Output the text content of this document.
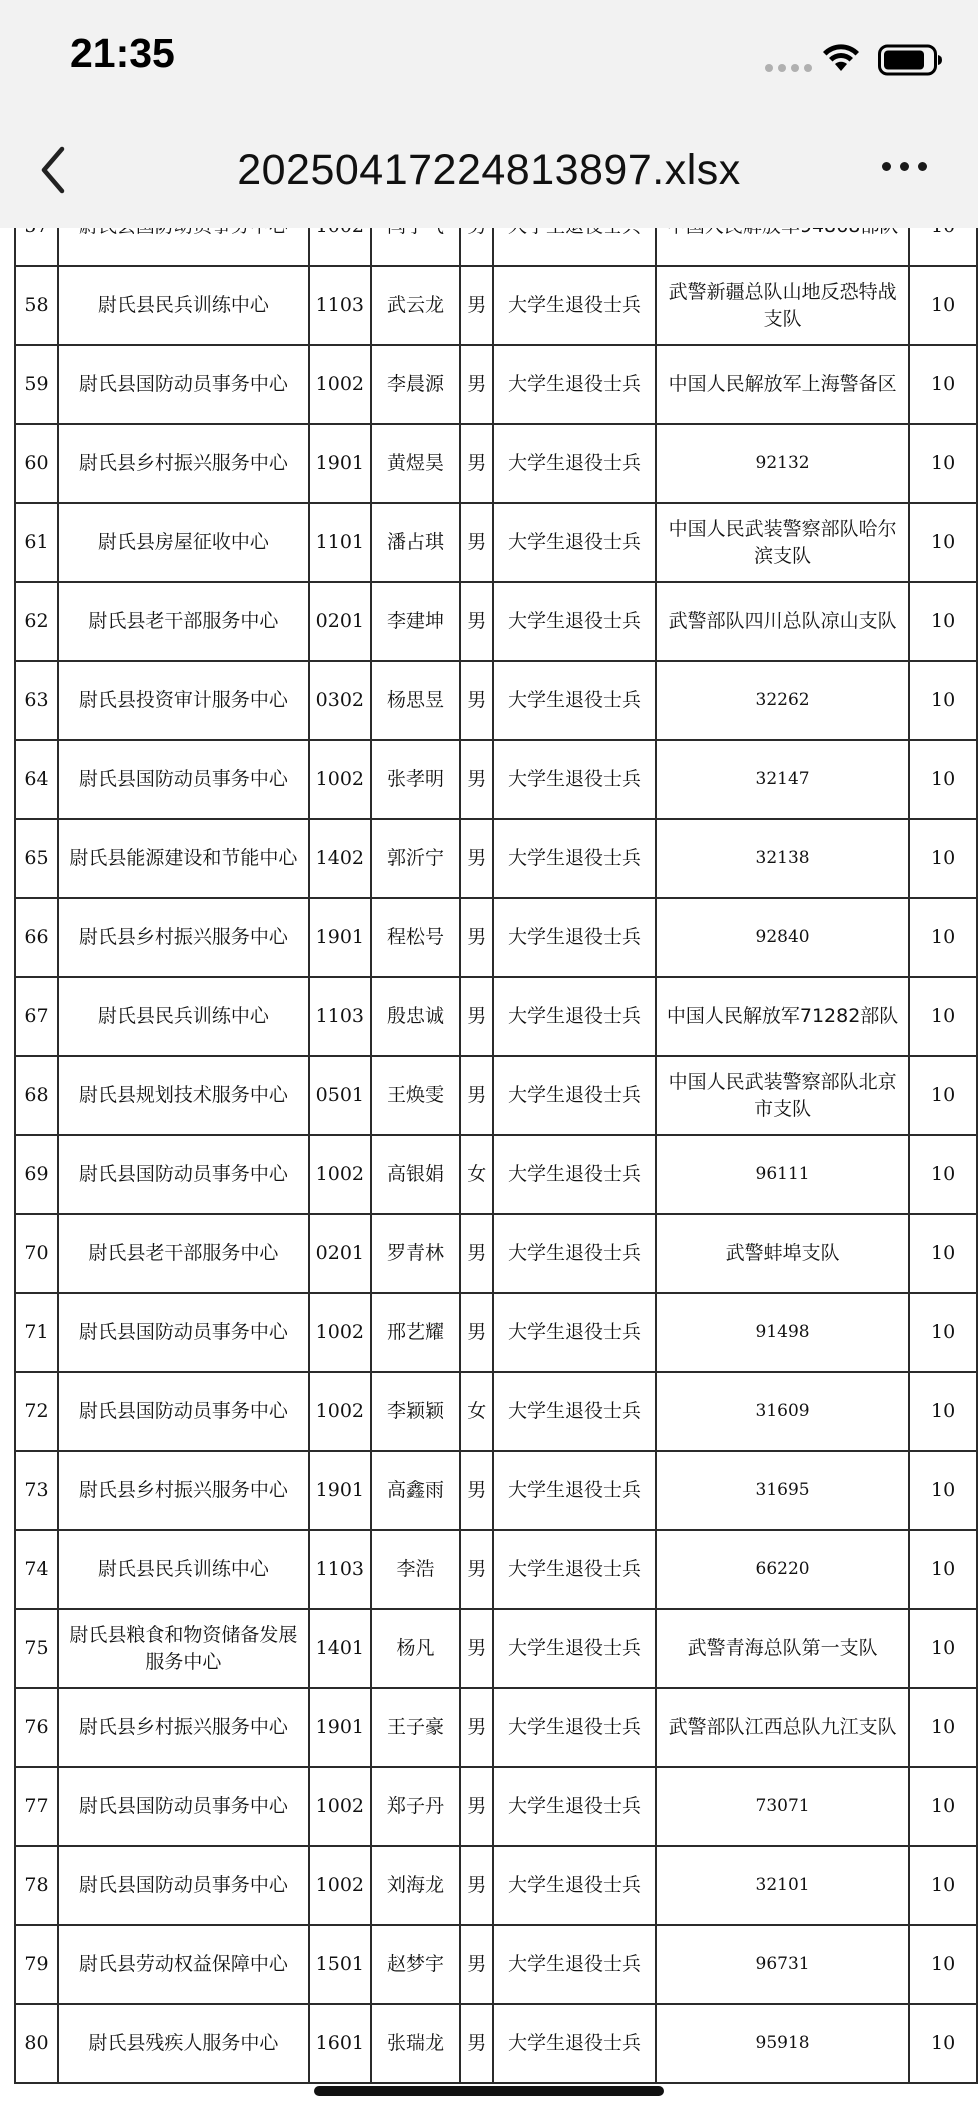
58	尉氏县民兵训练中心	1103	武云龙	男	大学生退役士兵	武警新疆总队山地反恐特战支队	10
59	尉氏县国防动员事务中心	1002	李晨源	男	大学生退役士兵	中国人民解放军上海警备区	10
60	尉氏县乡村振兴服务中心	1901	黄煜昊	男	大学生退役士兵	92132	10
61	尉氏县房屋征收中心	1101	潘占琪	男	大学生退役士兵	中国人民武装警察部队哈尔滨支队	10
62	尉氏县老干部服务中心	0201	李建坤	男	大学生退役士兵	武警部队四川总队凉山支队	10
63	尉氏县投资审计服务中心	0302	杨思昱	男	大学生退役士兵	32262	10
64	尉氏县国防动员事务中心	1002	张孝明	男	大学生退役士兵	32147	10
65	尉氏县能源建设和节能中心	1402	郭沂宁	男	大学生退役士兵	32138	10
66	尉氏县乡村振兴服务中心	1901	程松号	男	大学生退役士兵	92840	10
67	尉氏县民兵训练中心	1103	殷忠诚	男	大学生退役士兵	中国人民解放军71282部队	10
68	尉氏县规划技术服务中心	0501	王焕雯	男	大学生退役士兵	中国人民武装警察部队北京市支队	10
69	尉氏县国防动员事务中心	1002	高银娟	女	大学生退役士兵	96111	10
70	尉氏县老干部服务中心	0201	罗青林	男	大学生退役士兵	武警蚌埠支队	10
71	尉氏县国防动员事务中心	1002	邢艺耀	男	大学生退役士兵	91498	10
72	尉氏县国防动员事务中心	1002	李颖颖	女	大学生退役士兵	31609	10
73	尉氏县乡村振兴服务中心	1901	高鑫雨	男	大学生退役士兵	31695	10
74	尉氏县民兵训练中心	1103	李浩	男	大学生退役士兵	66220	10
75	尉氏县粮食和物资储备发展服务中心	1401	杨凡	男	大学生退役士兵	武警青海总队第一支队	10
76	尉氏县乡村振兴服务中心	1901	王子豪	男	大学生退役士兵	武警部队江西总队九江支队	10
77	尉氏县国防动员事务中心	1002	郑子丹	男	大学生退役士兵	73071	10
78	尉氏县国防动员事务中心	1002	刘海龙	男	大学生退役士兵	32101	10
79	尉氏县劳动权益保障中心	1501	赵梦宇	男	大学生退役士兵	96731	10
80	尉氏县残疾人服务中心	1601	张瑞龙	男	大学生退役士兵	95918	10
21:35
20250417224813897.xlsx
